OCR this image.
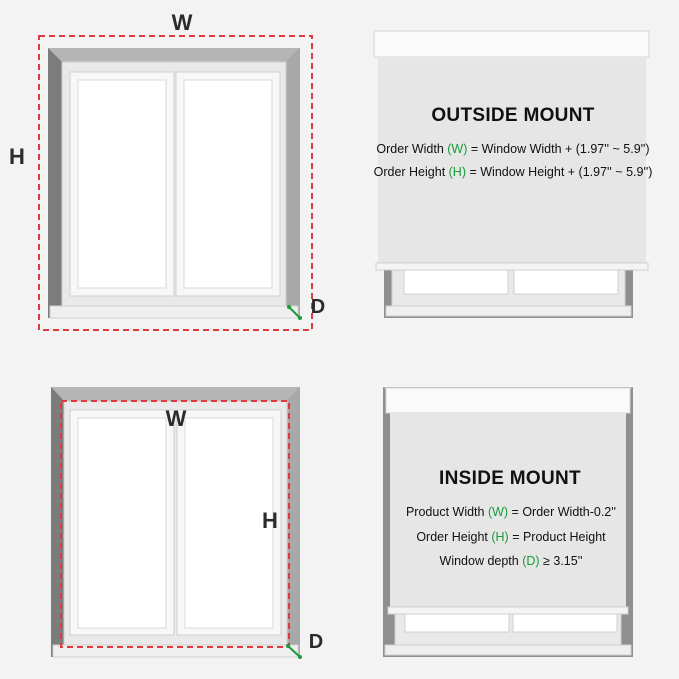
W
H
D
OUTSIDE MOUNT
Order Width (W) = Window Width + (1.97'' ~ 5.9'')
Order Height (H) = Window Height + (1.97'' ~ 5.9'')
W
H
D
INSIDE MOUNT
Product Width (W) = Order Width-0.2''
Order Height (H) = Product Height
Window depth (D) ≥ 3.15''
